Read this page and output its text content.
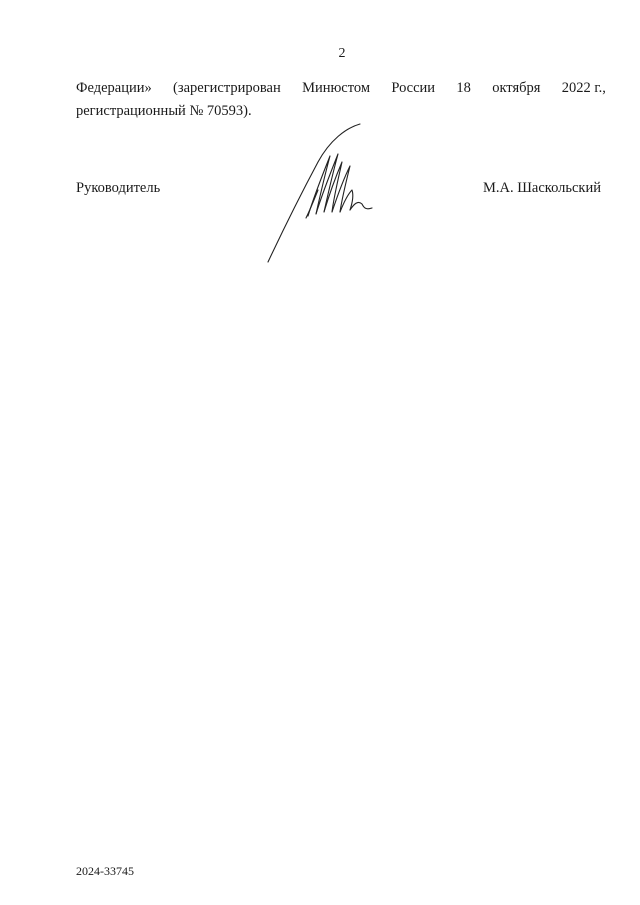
2
Федерации» (зарегистрирован Минюстом России 18 октября 2022 г.,
регистрационный № 70593).
Руководитель	М.А. Шаскольский
2024-33745
